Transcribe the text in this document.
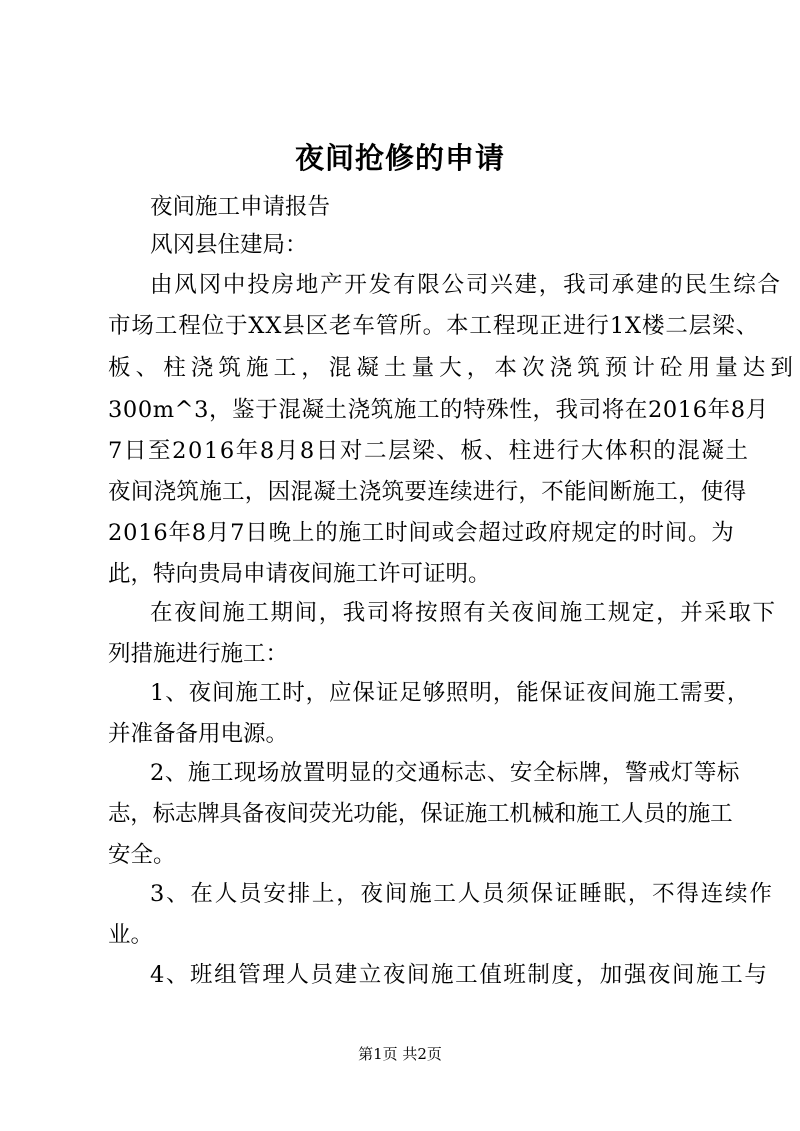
夜间抢修的申请
夜间施工申请报告
风冈县住建局：
由风冈中投房地产开发有限公司兴建，我司承建的民生综合
市场工程位于XX县区老车管所。本工程现正进行1X楼二层梁、
板、柱浇筑施工，混凝土量大，本次浇筑预计砼用量达到
300m^3，鉴于混凝土浇筑施工的特殊性，我司将在2016年8月
7日至2016年8月8日对二层梁、板、柱进行大体积的混凝土
夜间浇筑施工，因混凝土浇筑要连续进行，不能间断施工，使得
2016年8月7日晚上的施工时间或会超过政府规定的时间。为
此，特向贵局申请夜间施工许可证明。
在夜间施工期间，我司将按照有关夜间施工规定，并采取下
列措施进行施工：
1、夜间施工时，应保证足够照明，能保证夜间施工需要，
并准备备用电源。
2、施工现场放置明显的交通标志、安全标牌，警戒灯等标
志，标志牌具备夜间荧光功能，保证施工机械和施工人员的施工
安全。
3、在人员安排上，夜间施工人员须保证睡眠，不得连续作
业。
4、班组管理人员建立夜间施工值班制度，加强夜间施工与
第1页 共2页
